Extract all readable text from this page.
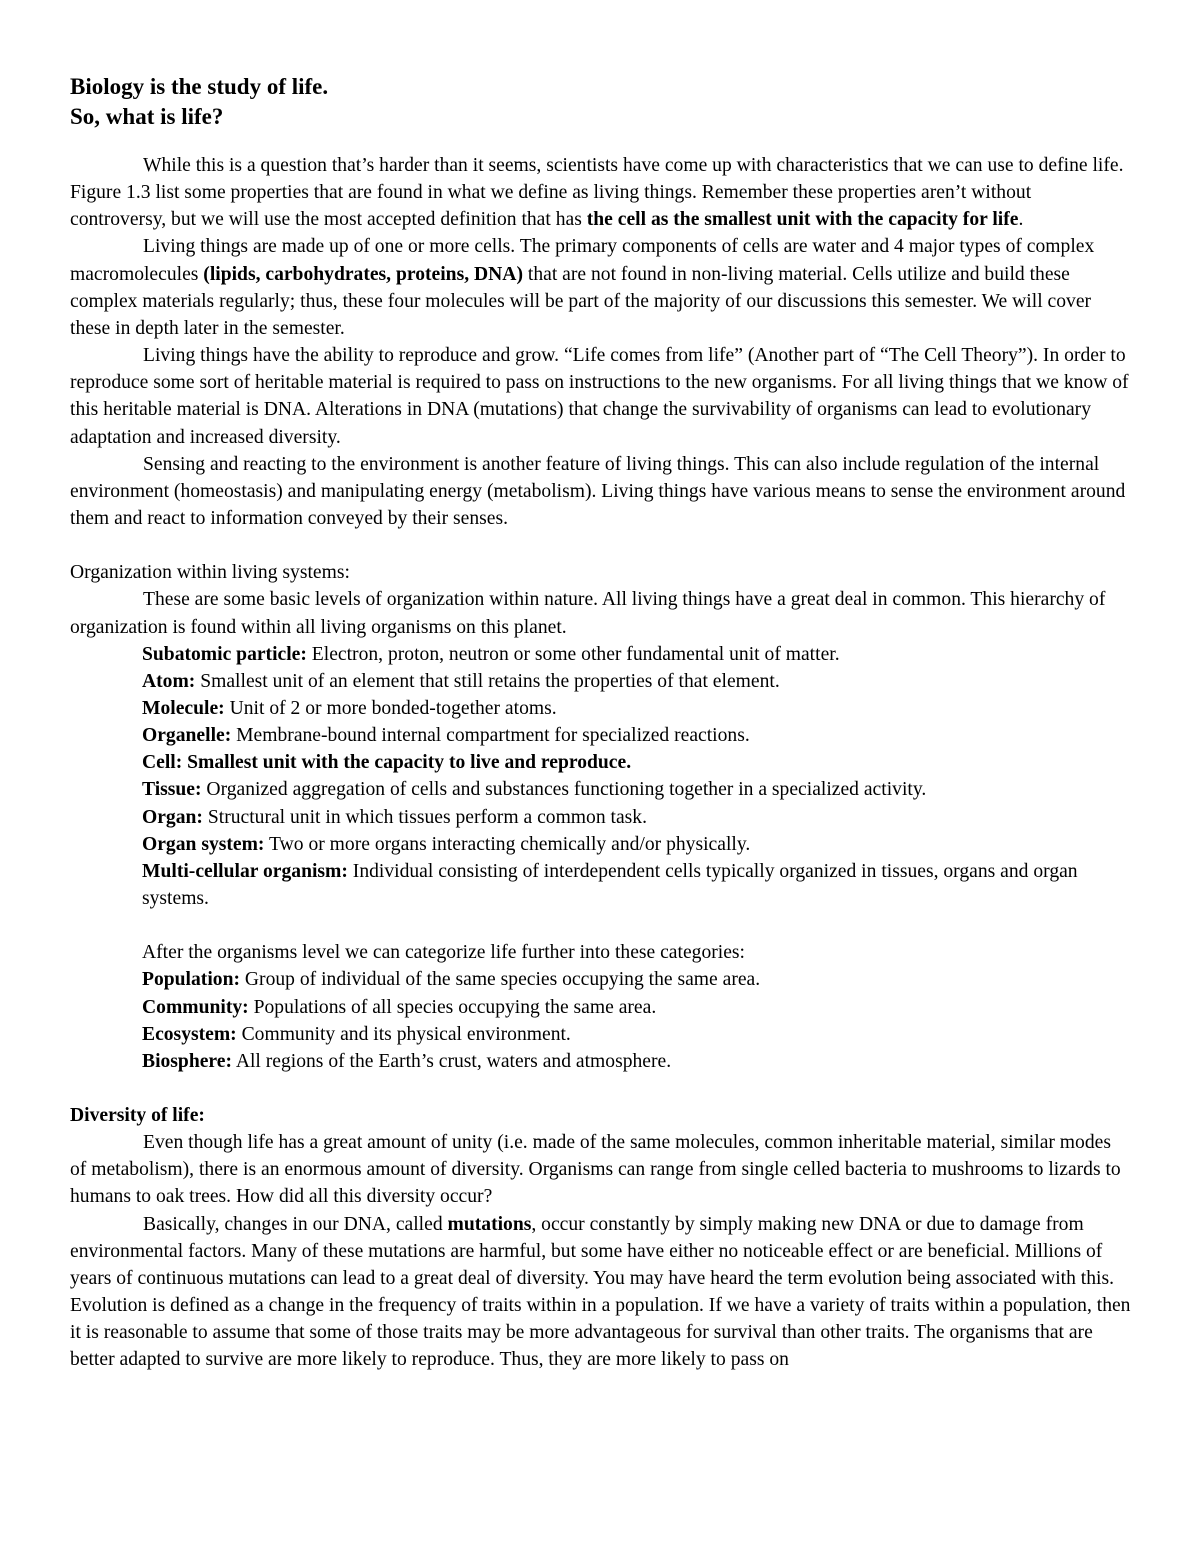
Biology is the study of life.
So, what is life?

While this is a question that’s harder than it seems, scientists have come up with characteristics that we can use to define life. Figure 1.3 list some properties that are found in what we define as living things. Remember these properties aren’t without controversy, but we will use the most accepted definition that has the cell as the smallest unit with the capacity for life.

Living things are made up of one or more cells. The primary components of cells are water and 4 major types of complex macromolecules (lipids, carbohydrates, proteins, DNA) that are not found in non-living material. Cells utilize and build these complex materials regularly; thus, these four molecules will be part of the majority of our discussions this semester. We will cover these in depth later in the semester.

Living things have the ability to reproduce and grow. “Life comes from life” (Another part of “The Cell Theory”). In order to reproduce some sort of heritable material is required to pass on instructions to the new organisms. For all living things that we know of this heritable material is DNA. Alterations in DNA (mutations) that change the survivability of organisms can lead to evolutionary adaptation and increased diversity.

Sensing and reacting to the environment is another feature of living things. This can also include regulation of the internal environment (homeostasis) and manipulating energy (metabolism). Living things have various means to sense the environment around them and react to information conveyed by their senses.

Organization within living systems:

These are some basic levels of organization within nature. All living things have a great deal in common. This hierarchy of organization is found within all living organisms on this planet.

Subatomic particle: Electron, proton, neutron or some other fundamental unit of matter.
Atom: Smallest unit of an element that still retains the properties of that element.
Molecule: Unit of 2 or more bonded-together atoms.
Organelle: Membrane-bound internal compartment for specialized reactions.
Cell: Smallest unit with the capacity to live and reproduce.
Tissue: Organized aggregation of cells and substances functioning together in a specialized activity.
Organ: Structural unit in which tissues perform a common task.
Organ system: Two or more organs interacting chemically and/or physically.
Multi-cellular organism: Individual consisting of interdependent cells typically organized in tissues, organs and organ systems.
After the organisms level we can categorize life further into these categories:
Population: Group of individual of the same species occupying the same area.
Community: Populations of all species occupying the same area.
Ecosystem: Community and its physical environment.
Biosphere: All regions of the Earth’s crust, waters and atmosphere.

Diversity of life:

Even though life has a great amount of unity (i.e. made of the same molecules, common inheritable material, similar modes of metabolism), there is an enormous amount of diversity. Organisms can range from single celled bacteria to mushrooms to lizards to humans to oak trees. How did all this diversity occur?

Basically, changes in our DNA, called mutations, occur constantly by simply making new DNA or due to damage from environmental factors. Many of these mutations are harmful, but some have either no noticeable effect or are beneficial. Millions of years of continuous mutations can lead to a great deal of diversity. You may have heard the term evolution being associated with this. Evolution is defined as a change in the frequency of traits within in a population. If we have a variety of traits within a population, then it is reasonable to assume that some of those traits may be more advantageous for survival than other traits. The organisms that are better adapted to survive are more likely to reproduce. Thus, they are more likely to pass on
